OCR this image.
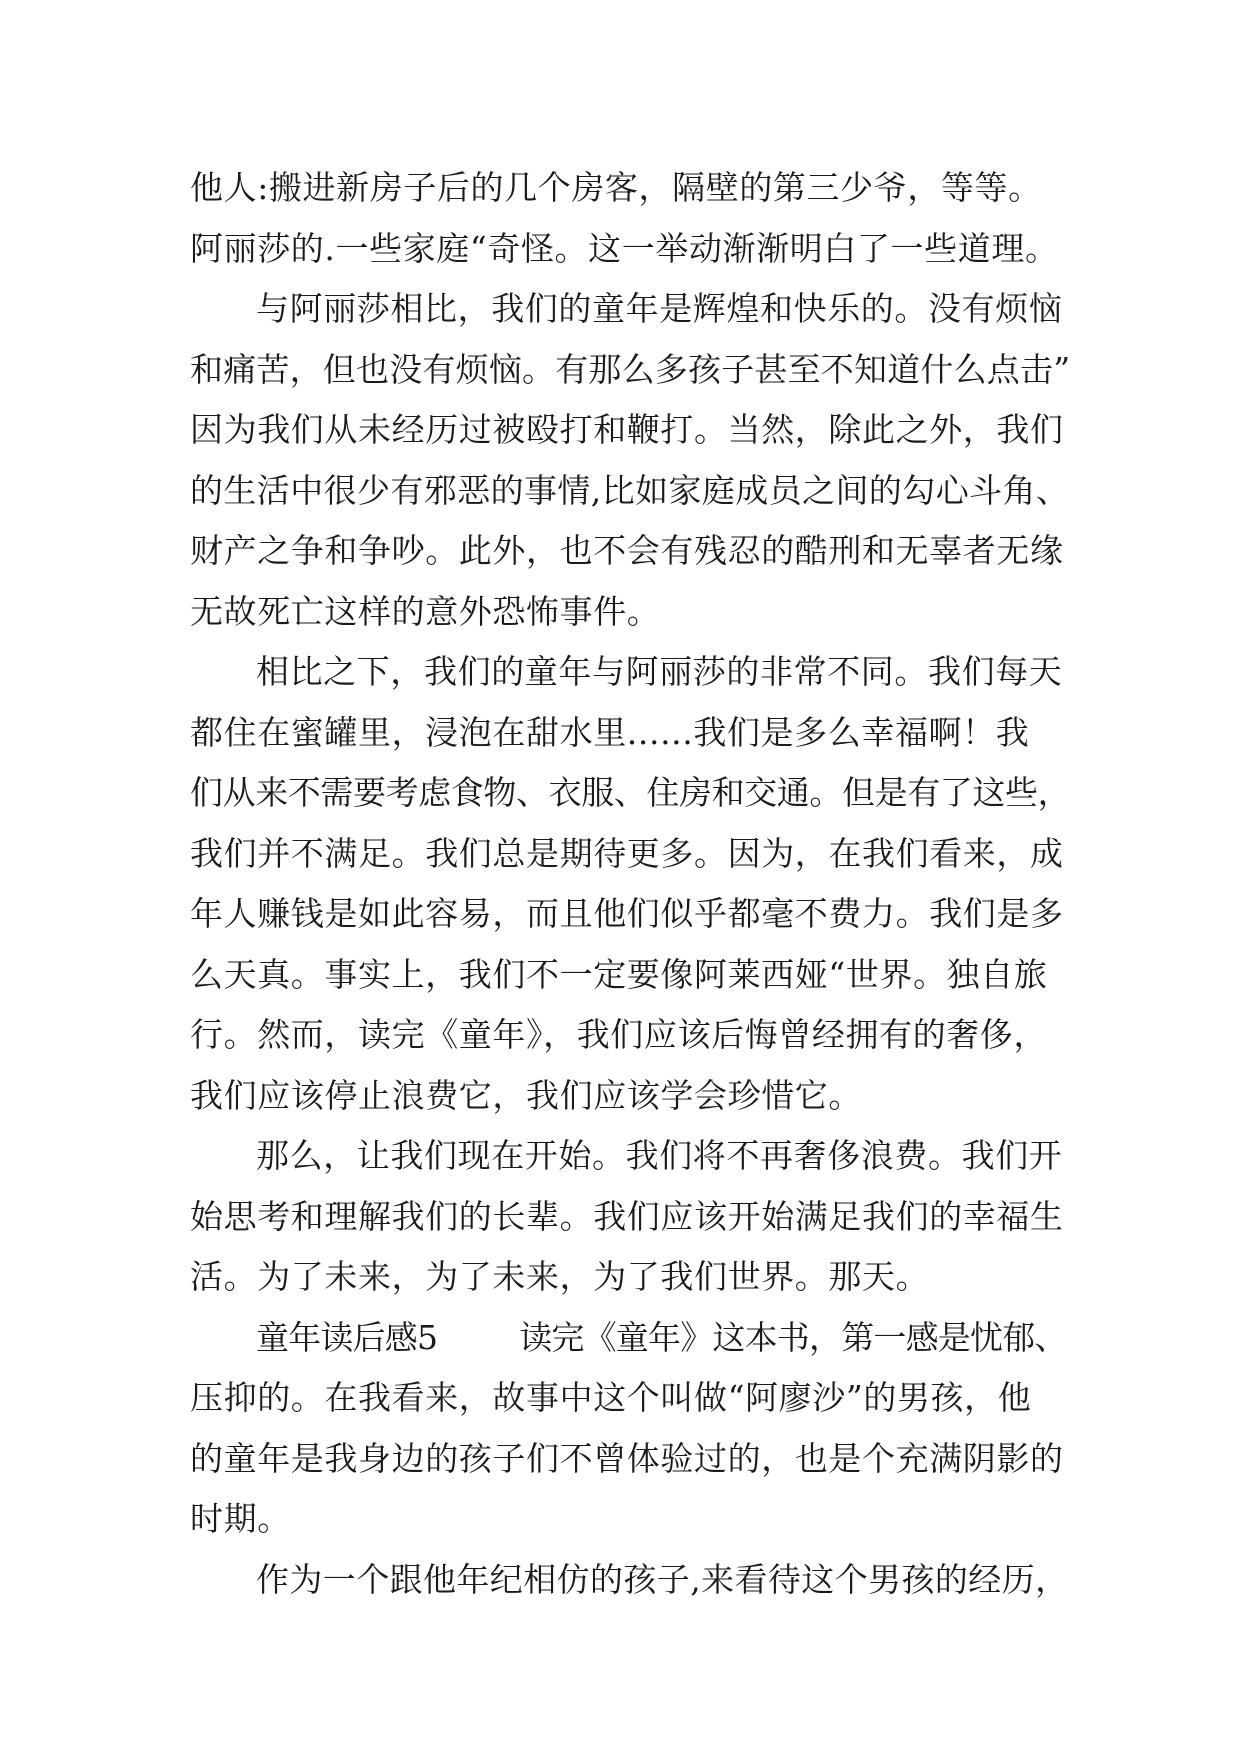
他人:搬进新房子后的几个房客，隔壁的第三少爷，等等。
阿丽莎的.一些家庭“奇怪。这一举动渐渐明白了一些道理。
与阿丽莎相比，我们的童年是辉煌和快乐的。没有烦恼
和痛苦，但也没有烦恼。有那么多孩子甚至不知道什么点击”
因为我们从未经历过被殴打和鞭打。当然，除此之外，我们
的生活中很少有邪恶的事情,比如家庭成员之间的勾心斗角、
财产之争和争吵。此外，也不会有残忍的酷刑和无辜者无缘
无故死亡这样的意外恐怖事件。
相比之下，我们的童年与阿丽莎的非常不同。我们每天
都住在蜜罐里，浸泡在甜水里......我们是多么幸福啊！我
们从来不需要考虑食物、衣服、住房和交通。但是有了这些，
我们并不满足。我们总是期待更多。因为，在我们看来，成
年人赚钱是如此容易，而且他们似乎都毫不费力。我们是多
么天真。事实上，我们不一定要像阿莱西娅“世界。独自旅
行。然而，读完《童年》，我们应该后悔曾经拥有的奢侈，
我们应该停止浪费它，我们应该学会珍惜它。
那么，让我们现在开始。我们将不再奢侈浪费。我们开
始思考和理解我们的长辈。我们应该开始满足我们的幸福生
活。为了未来，为了未来，为了我们世界。那天。
童年读后感5 读完《童年》这本书，第一感是忧郁、
压抑的。在我看来，故事中这个叫做“阿廖沙”的男孩，他
的童年是我身边的孩子们不曾体验过的，也是个充满阴影的
时期。
作为一个跟他年纪相仿的孩子,来看待这个男孩的经历，
